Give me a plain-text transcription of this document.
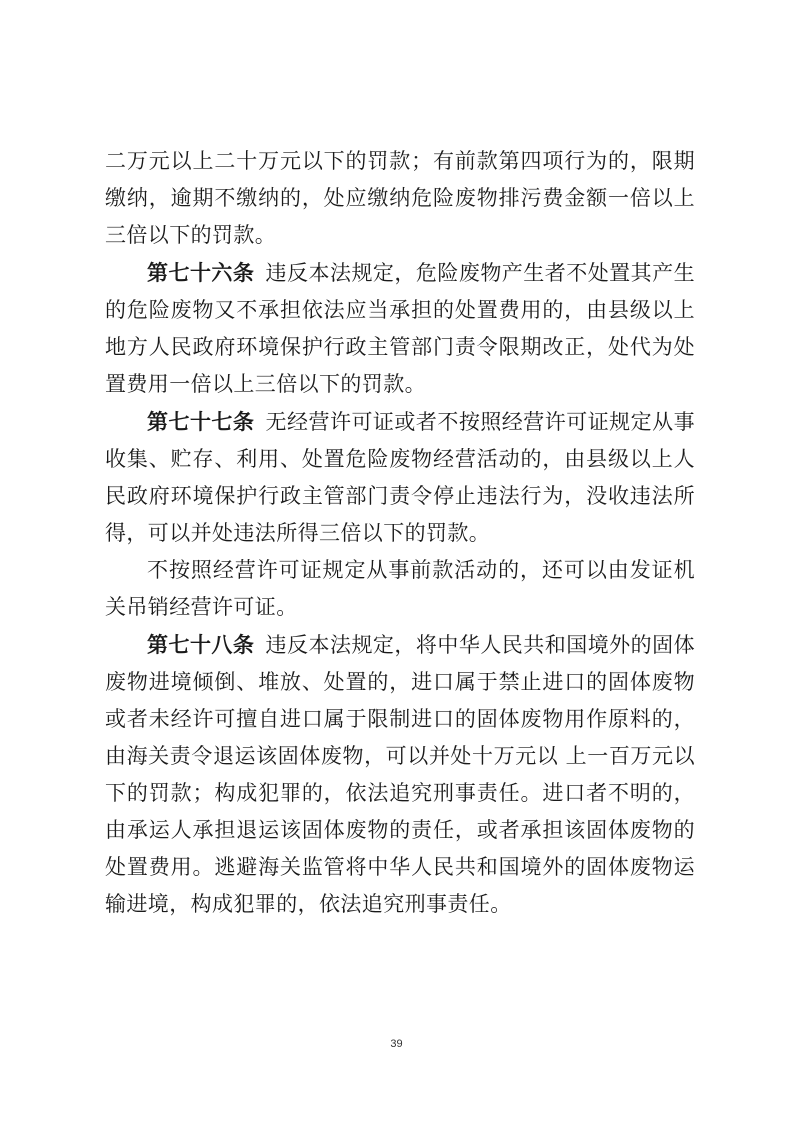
二万元以上二十万元以下的罚款；有前款第四项行为的，限期缴纳，逾期不缴纳的，处应缴纳危险废物排污费金额一倍以上三倍以下的罚款。

第七十六条 违反本法规定，危险废物产生者不处置其产生的危险废物又不承担依法应当承担的处置费用的，由县级以上地方人民政府环境保护行政主管部门责令限期改正，处代为处置费用一倍以上三倍以下的罚款。

第七十七条 无经营许可证或者不按照经营许可证规定从事收集、贮存、利用、处置危险废物经营活动的，由县级以上人民政府环境保护行政主管部门责令停止违法行为，没收违法所得，可以并处违法所得三倍以下的罚款。

不按照经营许可证规定从事前款活动的，还可以由发证机关吊销经营许可证。

第七十八条 违反本法规定，将中华人民共和国境外的固体废物进境倾倒、堆放、处置的，进口属于禁止进口的固体废物或者未经许可擅自进口属于限制进口的固体废物用作原料的，由海关责令退运该固体废物，可以并处十万元以 上一百万元以下的罚款；构成犯罪的，依法追究刑事责任。进口者不明的，由承运人承担退运该固体废物的责任，或者承担该固体废物的处置费用。逃避海关监管将中华人民共和国境外的固体废物运输进境，构成犯罪的，依法追究刑事责任。

39
